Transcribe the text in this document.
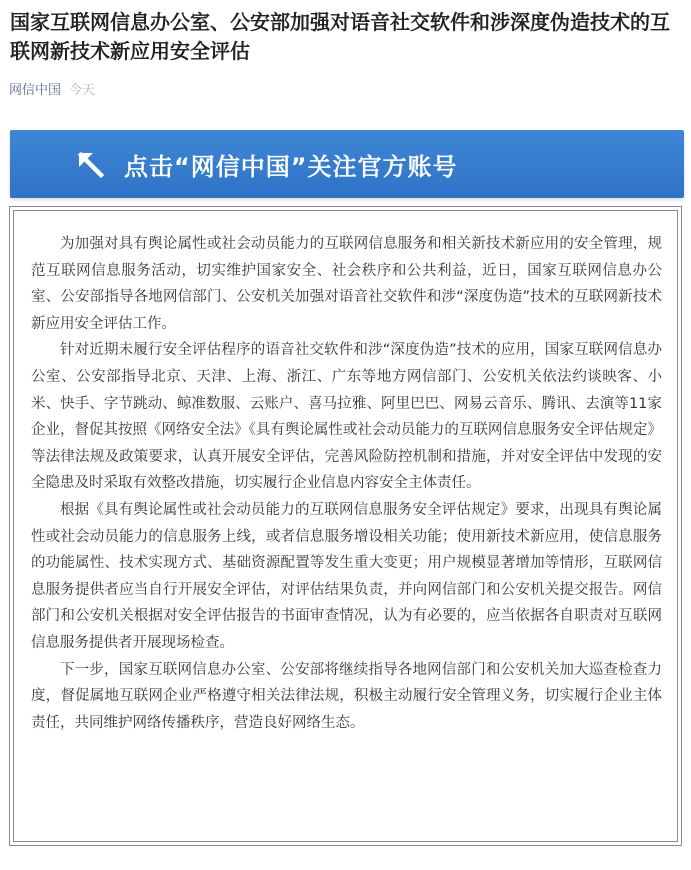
国家互联网信息办公室、公安部加强对语音社交软件和涉深度伪造技术的互联网新技术新应用安全评估
网信中国 今天
点击“网信中国”关注官方账号

为加强对具有舆论属性或社会动员能力的互联网信息服务和相关新技术新应用的安全管理，规范互联网信息服务活动，切实维护国家安全、社会秩序和公共利益，近日，国家互联网信息办公室、公安部指导各地网信部门、公安机关加强对语音社交软件和涉“深度伪造”技术的互联网新技术新应用安全评估工作。

针对近期未履行安全评估程序的语音社交软件和涉“深度伪造”技术的应用，国家互联网信息办公室、公安部指导北京、天津、上海、浙江、广东等地方网信部门、公安机关依法约谈映客、小米、快手、字节跳动、鲸准数服、云账户、喜马拉雅、阿里巴巴、网易云音乐、腾讯、去演等11家企业，督促其按照《网络安全法》《具有舆论属性或社会动员能力的互联网信息服务安全评估规定》等法律法规及政策要求，认真开展安全评估，完善风险防控机制和措施，并对安全评估中发现的安全隐患及时采取有效整改措施，切实履行企业信息内容安全主体责任。

根据《具有舆论属性或社会动员能力的互联网信息服务安全评估规定》要求，出现具有舆论属性或社会动员能力的信息服务上线，或者信息服务增设相关功能；使用新技术新应用，使信息服务的功能属性、技术实现方式、基础资源配置等发生重大变更；用户规模显著增加等情形，互联网信息服务提供者应当自行开展安全评估，对评估结果负责，并向网信部门和公安机关提交报告。网信部门和公安机关根据对安全评估报告的书面审查情况，认为有必要的，应当依据各自职责对互联网信息服务提供者开展现场检查。

下一步，国家互联网信息办公室、公安部将继续指导各地网信部门和公安机关加大巡查检查力度，督促属地互联网企业严格遵守相关法律法规，积极主动履行安全管理义务，切实履行企业主体责任，共同维护网络传播秩序，营造良好网络生态。
